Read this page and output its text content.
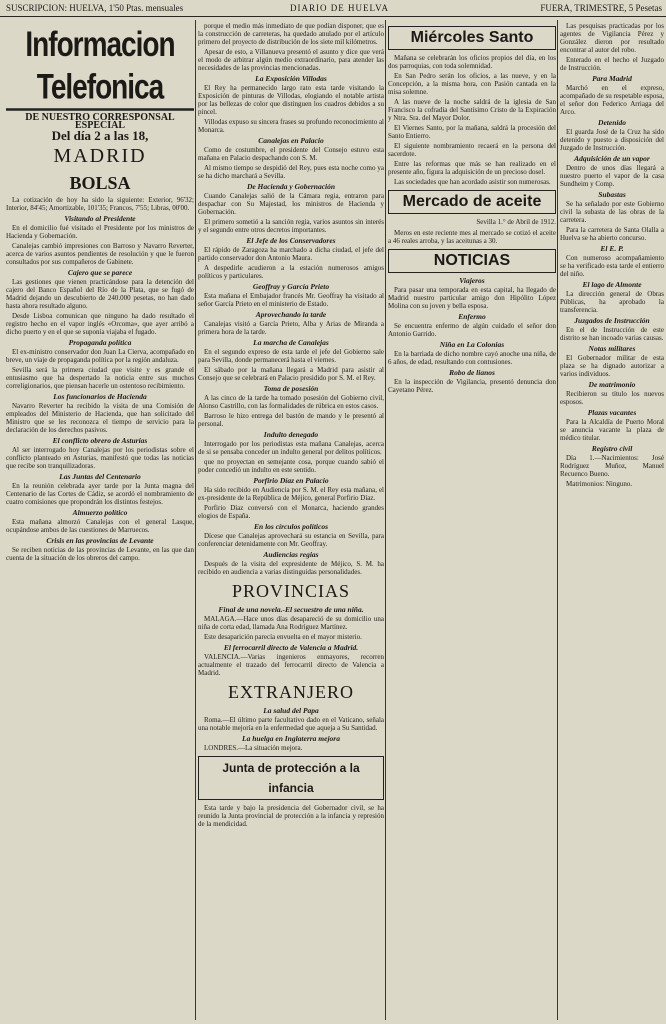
SUSCRIPCION: HUELVA, 1'50 Ptas. mensuales	DIARIO DE HUELVA	FUERA, TRIMESTRE, 5 Pesetas
Informacion Telefonica
DE NUESTRO CORRESPONSAL ESPECIAL
Del día 2 a las 18,
MADRID
BOLSA

La cotización de hoy ha sido la siguiente: Exterior, 96'32; Interior, 84'45; Amortizable, 101'35; Francos, 7'55; Libras, 00'00.

Visitando al Presidente

En el domicilio fué visitado el Presidente por los ministros de Hacienda y Gobernación.

Canalejas cambió impresiones con Barroso y Navarro Reverter, acerca de varios asuntos pendientes de resolución y que le fueron consultados por sus compañeros de Gabinete.

Cajero que se parece

Las gestiones que vienen practicándose para la detención del cajero del Banco Español del Río de la Plata, que se fugó de Madrid dejando un descubierto de 240.000 pesetas, no han dado hasta ahora resultado alguno.

Desde Lisboa comunican que ninguno ha dado resultado el registro hecho en el vapor inglés «Orcoma», que ayer arribó a dicho puerto y en el que se suponía viajaba el fugado.

Propaganda política

El ex-ministro conservador don Juan La Cierva, acompañado en breve, un viaje de propaganda política por la región andaluza.

Sevilla será la primera ciudad que visite y es grande el entusiasmo que ha despertado la noticia entre sus muchos correligionarios, que piensan hacerle un ostentoso recibimiento.

Los funcionarios de Hacienda

Navarro Reverter ha recibido la visita de una Comisión de empleados del Ministerio de Hacienda, que han solicitado del Ministro que se les reconozca el tiempo de servicio para la declaración de los derechos pasivos.

El conflicto obrero de Asturias

Al ser interrogado hoy Canalejas por los periodistas sobre el conflicto planteado en Asturias, manifestó que todas las noticias que recibe son tranquilizadoras.

Las Juntas del Centenario

En la reunión celebrada ayer tarde por la Junta magna del Centenario de las Cortes de Cádiz, se acordó el nombramiento de cuatro comisiones que propondrán los distintos festejos.

Almuerzo político

Esta mañana almorzó Canalejas con el general Lasque, ocupándose ambos de las cuestiones de Marruecos.

Crisis en las provincias de Levante

Se reciben noticias de las provincias de Levante, en las que dan cuenta de la situación de los obreros del campo.

porque el medio más inmediato de que podían disponer, que es la construcción de carreteras, ha quedado anulado por el artículo primero del proyecto de distribución de los siete mil kilómetros.

Apesar de esto, a Villanueva presentó el asunto y dice que verá el modo de arbitrar algún medio extraordinario, para atender las necesidades de las provincias mencionadas.

La Exposición Villodas

El Rey ha permanecido largo rato esta tarde visitando la Exposición de pinturas de Villodas, elogiando el notable artista por las bellezas de color que distinguen los cuadros debidos a su pincel.

Villodas expuso su sincera frases su profundo reconocimiento al Monarca.

Canalejas en Palacio

Como de costumbre, el presidente del Consejo estuvo esta mañana en Palacio despachando con S. M.

Al mismo tiempo se despidió del Rey, pues esta noche como ya se ha dicho marchará a Sevilla.

De Hacienda y Gobernación

Cuando Canalejas salió de la Cámara regia, entraron para despachar con Su Majestad, los ministros de Hacienda y Gobernación.

El primero sometió a la sanción regia, varios asuntos sin interés y el segundo entre otros decretos importantes.

El Jefe de los Conservadores

El rápido de Zaragoza ha marchado a dicha ciudad, el jefe del partido conservador don Antonio Maura.

A despedirle acudieron a la estación numerosos amigos políticos y particulares.

Geoffray y García Prieto

Esta mañana el Embajador francés Mr. Geoffray ha visitado al señor García Prieto en el ministerio de Estado.

Aprovechando la tarde

Canalejas visitó a García Prieto, Alba y Arias de Miranda a primera hora de la tarde.

La marcha de Canalejas

En el segundo expreso de esta tarde el jefe del Gobierno sale para Sevilla, donde permanecerá hasta el viernes.

El sábado por la mañana llegará a Madrid para asistir al Consejo que se celebrará en Palacio presidido por S. M. el Rey.

Toma de posesión

A las cinco de la tarde ha tomado posesión del Gobierno civil, Alonso Castrillo, con las formalidades de rúbrica en estos casos.

Barroso le hizo entrega del bastón de mando y le presentó al personal.

Indulto denegado

Interrogado por los periodistas esta mañana Canalejas, acerca de si se pensaba conceder un indulto general por delitos políticos.

que no proyectan en semejante cosa, porque cuando sabió el poder concedió un indulto en este sentido.

Porfirio Díaz en Palacio

Ha sido recibido en Audiencia por S. M. el Rey esta mañana, el ex-presidente de la República de Méjico, general Porfirio Díaz.

Porfirio Díaz conversó con el Monarca, haciendo grandes elogios de España.

En los círculos políticos

Dícese que Canalejas aprovechará su estancia en Sevilla, para conferenciar detenidamente con Mr. Geoffray.

Audiencias regias

Después de la visita del expresidente de Méjico, S. M. ha recibido en audiencia a varias distinguidas personalidades.

PROVINCIAS
Final de una novela.-El secuestro de una niña.

MALAGA.—Hace unos días desapareció de su domicilio una niña de corta edad, llamada Ana Rodríguez Martínez.

Este desaparición parecía envuelta en el mayor misterio.

El ferrocarril directo de Valencia a Madrid.

VALENCIA.—Varias ingenieros enmayores, recorren actualmente el trazado del ferrocarril directo de Valencia a Madrid.

EXTRANJERO
La salud del Papa

Roma.—El último parte facultativo dado en el Vaticano, señala una notable mejoría en la enfermedad que aqueja a Su Santidad.

La huelga en Inglaterra mejora

LONDRES.—La situación mejora.

Junta de protección a la infancia

Esta tarde y bajo la presidencia del Gobernador civil, se ha reunido la Junta provincial de protección a la infancia y represión de la mendicidad.

Miércoles Santo

Mañana se celebrarán los oficios propios del día, en los dos parroquias, con toda solemnidad.

En San Pedro serán los oficios, a las nueve, y en la Concepción, a la misma hora, con Pasión cantada en la misa solemne.

A las nueve de la noche saldrá de la iglesia de San Francisco la cofradía del Santísimo Cristo de la Expiración y Ntra. Sra. del Mayor Dolor.

El Viernes Santo, por la mañana, saldrá la procesión del Santo Entierro.

El siguiente nombramiento recaerá en la persona del sacerdote.

Entre las reformas que más se han realizado en el presente año, figura la adquisición de un precioso dosel.

Las sociedades que han acordado asistir son numerosas.

Mercado de aceite
Sevilla 1.° de Abril de 1912.

Meros en este reciente mes al mercado se cotizó el aceite a 46 reales arroba, y las aceitunas a 30.

NOTICIAS
Viajeros

Para pasar una temporada en esta capital, ha llegado de Madrid nuestro particular amigo don Hipólito López Molina con su joven y bella esposa.

Enfermo

Se encuentra enfermo de algún cuidado el señor don Antonio Garrido.

Niña en La Colonias

En la barriada de dicho nombre cayó anoche una niña, de 6 años, de edad, resultando con contusiones.

Robo de lianos

En la inspección de Vigilancia, presentó denuncia don Cayetano Pérez.

Las pesquisas practicadas por los agentes de Vigilancia Pérez y González dieron por resultado encontrar al autor del robo.

Enterado en el hecho el Juzgado de Instrucción.

Para Madrid

Marchó en el expreso, acompañado de su respetable esposa, el señor don Federico Arriaga del Arco.

Detenido

El guarda José de la Cruz ha sido detenido y puesto a disposición del Juzgado de Instrucción.

Adquisición de un vapor

Dentro de unos días llegará a nuestro puerto el vapor de la casa Sundheim y Comp.

Subastas

Se ha señalado por este Gobierno civil la subasta de las obras de la carretera.

Para la carretera de Santa Olalla a Huelva se ha abierto concurso.

El E. P.

Con numeroso acompañamiento se ha verificado esta tarde el entierro del niño.

El lago de Almonte

La dirección general de Obras Públicas, ha aprobado la transferencia.

Juzgados de Instrucción

En el de Instrucción de este distrito se han incoado varias causas.

Notas militares

El Gobernador militar de esta plaza se ha dignado autorizar a varios individuos.

De matrimonio

Recibieron su título los nuevos esposos.

Plazas vacantes

Para la Alcaldía de Puerto Moral se anuncia vacante la plaza de médico titular.

Registro civil

Día 1.—Nacimientos: José Rodríguez Muñoz, Manuel Recuenco Bueno.

Matrimonios: Ninguno.
